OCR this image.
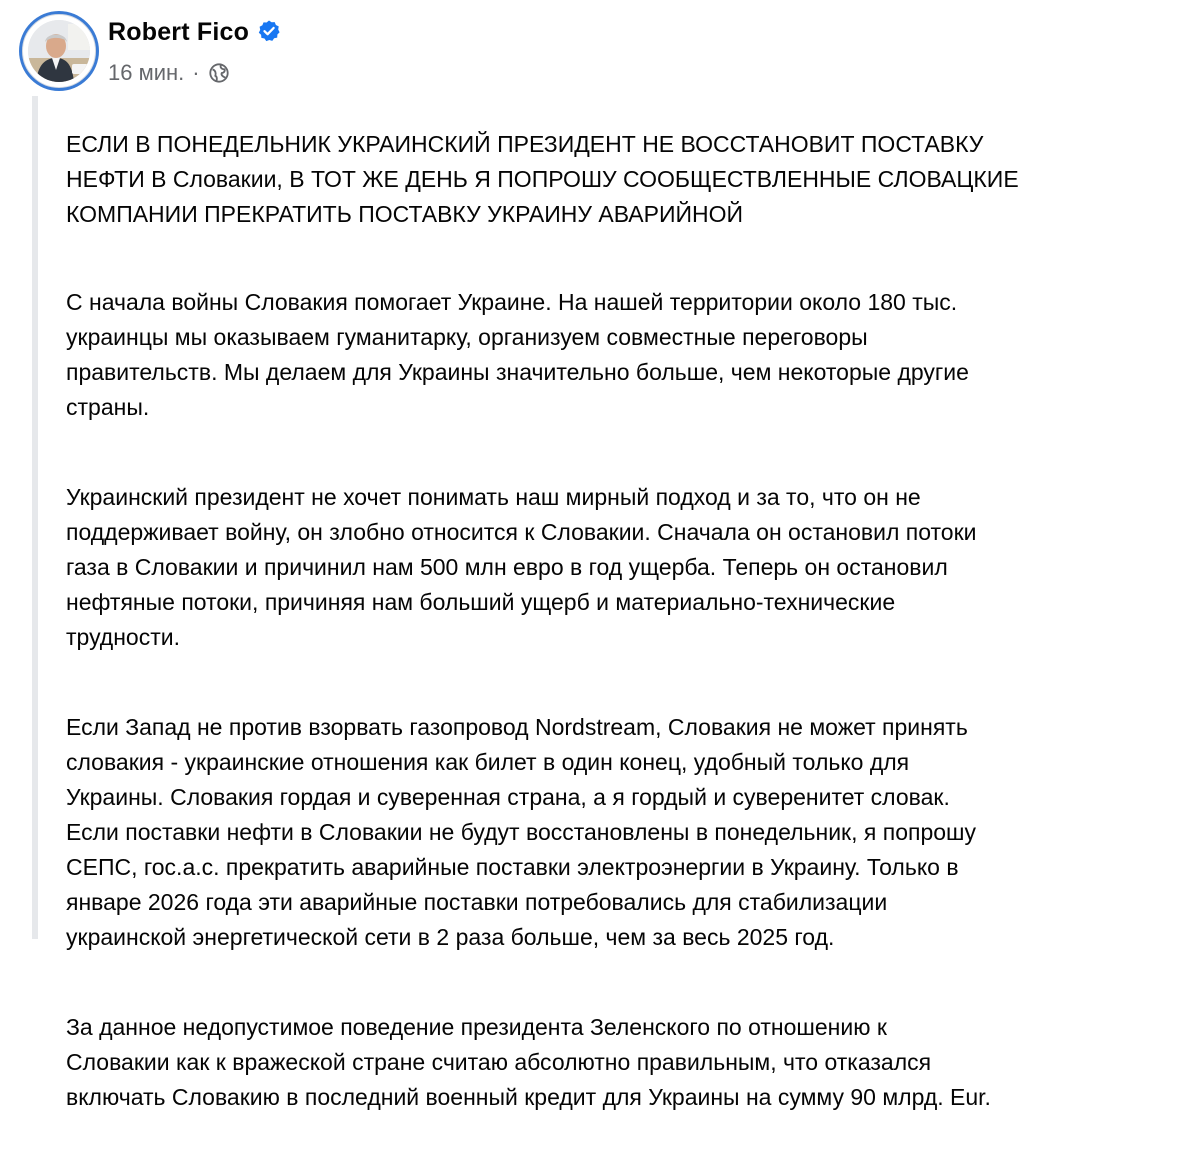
Robert Fico
16 мин. ·

ЕСЛИ В ПОНЕДЕЛЬНИК УКРАИНСКИЙ ПРЕЗИДЕНТ НЕ ВОССТАНОВИТ ПОСТАВКУ
НЕФТИ В Словакии, В ТОТ ЖЕ ДЕНЬ Я ПОПРОШУ СООБЩЕСТВЛЕННЫЕ СЛОВАЦКИЕ
КОМПАНИИ ПРЕКРАТИТЬ ПОСТАВКУ УКРАИНУ АВАРИЙНОЙ

С начала войны Словакия помогает Украине. На нашей территории около 180 тыс.
украинцы мы оказываем гуманитарку, организуем совместные переговоры
правительств. Мы делаем для Украины значительно больше, чем некоторые другие
страны.

Украинский президент не хочет понимать наш мирный подход и за то, что он не
поддерживает войну, он злобно относится к Словакии. Сначала он остановил потоки
газа в Словакии и причинил нам 500 млн евро в год ущерба. Теперь он остановил
нефтяные потоки, причиняя нам больший ущерб и материально-технические
трудности.

Если Запад не против взорвать газопровод Nordstream, Словакия не может принять
словакия - украинские отношения как билет в один конец, удобный только для
Украины. Словакия гордая и суверенная страна, а я гордый и суверенитет словак.
Если поставки нефти в Словакии не будут восстановлены в понедельник, я попрошу
СЕПС, гос.а.с. прекратить аварийные поставки электроэнергии в Украину. Только в
январе 2026 года эти аварийные поставки потребовались для стабилизации
украинской энергетической сети в 2 раза больше, чем за весь 2025 год.

За данное недопустимое поведение президента Зеленского по отношению к
Словакии как к вражеской стране считаю абсолютно правильным, что отказался
включать Словакию в последний военный кредит для Украины на сумму 90 млрд. Eur.
